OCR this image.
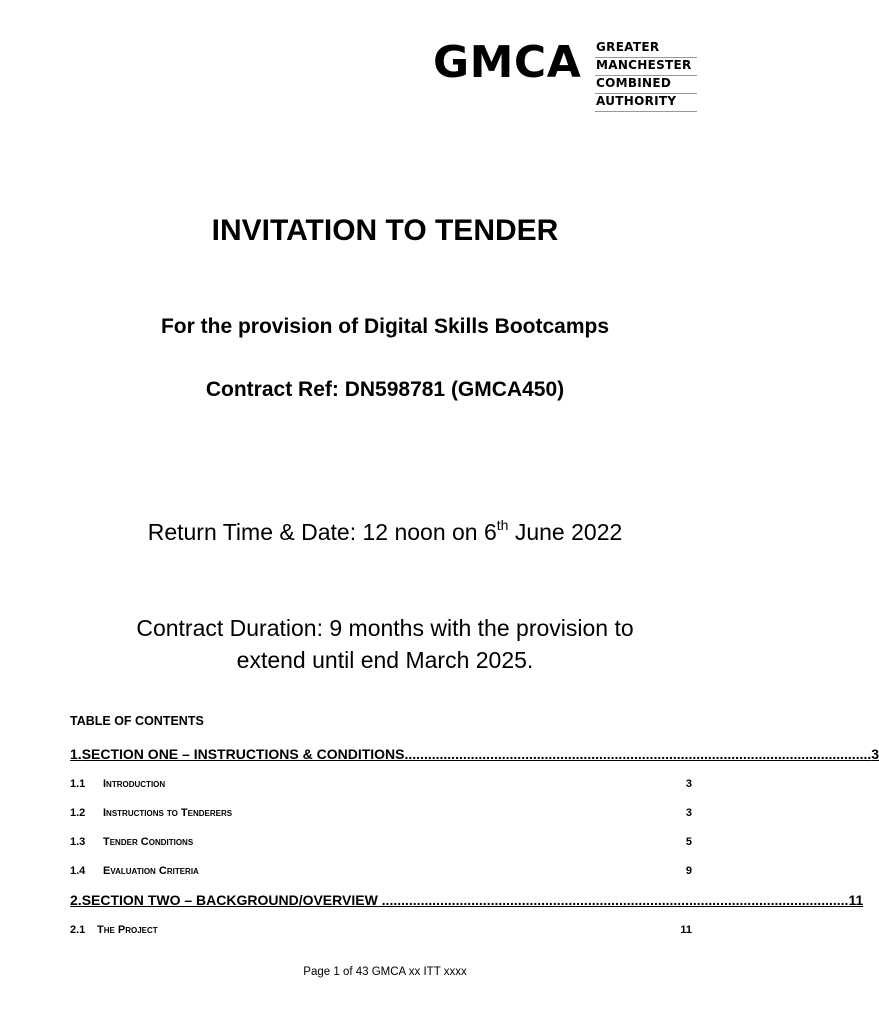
GMCA GREATER
MANCHESTER
COMBINED
AUTHORITY
INVITATION TO TENDER
For the provision of Digital Skills Bootcamps
Contract Ref: DN598781 (GMCA450)
Return Time & Date: 12 noon on 6th June 2022
Contract Duration: 9 months with the provision to
extend until end March 2025.
TABLE OF CONTENTS
1. SECTION ONE – INSTRUCTIONS & CONDITIONS ........................................................................................................................ 3
1.1	Introduction	3
1.2	Instructions to Tenderers	3
1.3	Tender Conditions	5
1.4	Evaluation Criteria	9
2. SECTION TWO – BACKGROUND/OVERVIEW ........................................................................................................................ 11
2.1	The Project	11
Page 1 of 43 GMCA xx ITT xxxx
